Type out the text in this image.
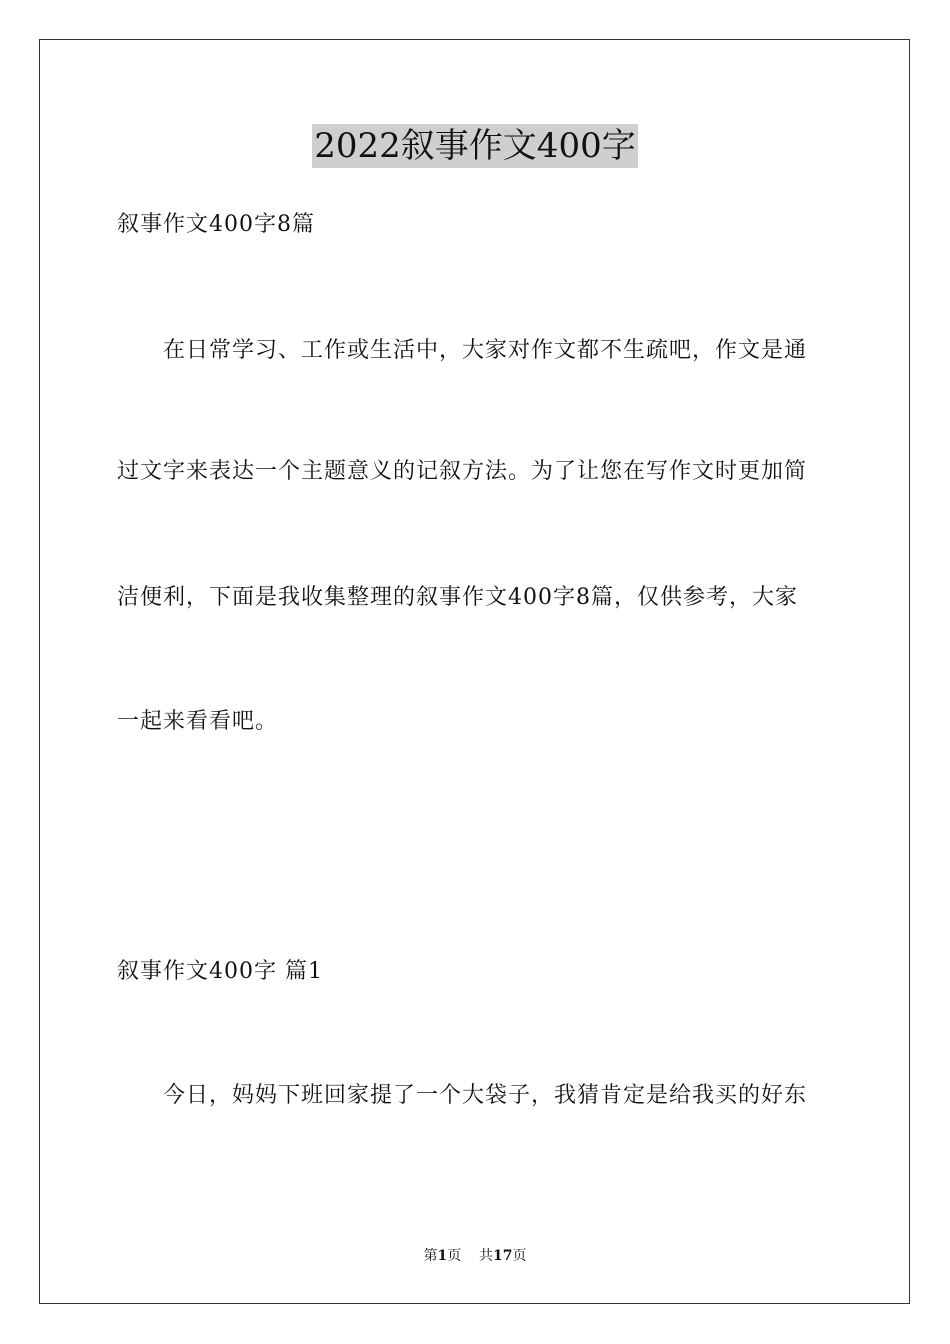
2022叙事作文400字
叙事作文400字8篇
在日常学习、工作或生活中，大家对作文都不生疏吧，作文是通
过文字来表达一个主题意义的记叙方法。为了让您在写作文时更加简
洁便利，下面是我收集整理的叙事作文400字8篇，仅供参考，大家
一起来看看吧。
叙事作文400字 篇1
今日，妈妈下班回家提了一个大袋子，我猜肯定是给我买的好东
第1页 共17页
